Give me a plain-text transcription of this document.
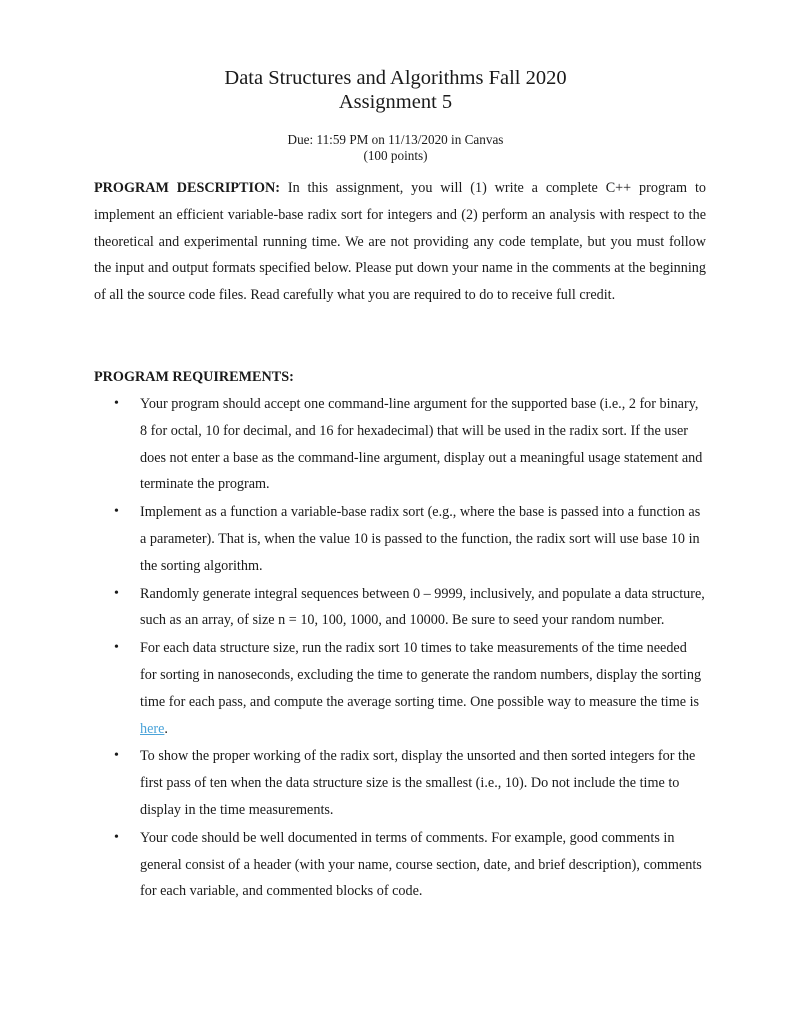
Data Structures and Algorithms Fall 2020
Assignment 5
Due: 11:59 PM on 11/13/2020 in Canvas
(100 points)
PROGRAM DESCRIPTION: In this assignment, you will (1) write a complete C++ program to implement an efficient variable-base radix sort for integers and (2) perform an analysis with respect to the theoretical and experimental running time. We are not providing any code template, but you must follow the input and output formats specified below. Please put down your name in the comments at the beginning of all the source code files. Read carefully what you are required to do to receive full credit.
PROGRAM REQUIREMENTS:
• Your program should accept one command-line argument for the supported base (i.e., 2 for binary, 8 for octal, 10 for decimal, and 16 for hexadecimal) that will be used in the radix sort. If the user does not enter a base as the command-line argument, display out a meaningful usage statement and terminate the program.
• Implement as a function a variable-base radix sort (e.g., where the base is passed into a function as a parameter). That is, when the value 10 is passed to the function, the radix sort will use base 10 in the sorting algorithm.
• Randomly generate integral sequences between 0 – 9999, inclusively, and populate a data structure, such as an array, of size n = 10, 100, 1000, and 10000. Be sure to seed your random number.
• For each data structure size, run the radix sort 10 times to take measurements of the time needed for sorting in nanoseconds, excluding the time to generate the random numbers, display the sorting time for each pass, and compute the average sorting time. One possible way to measure the time is here.
• To show the proper working of the radix sort, display the unsorted and then sorted integers for the first pass of ten when the data structure size is the smallest (i.e., 10). Do not include the time to display in the time measurements.
• Your code should be well documented in terms of comments. For example, good comments in general consist of a header (with your name, course section, date, and brief description), comments for each variable, and commented blocks of code.
